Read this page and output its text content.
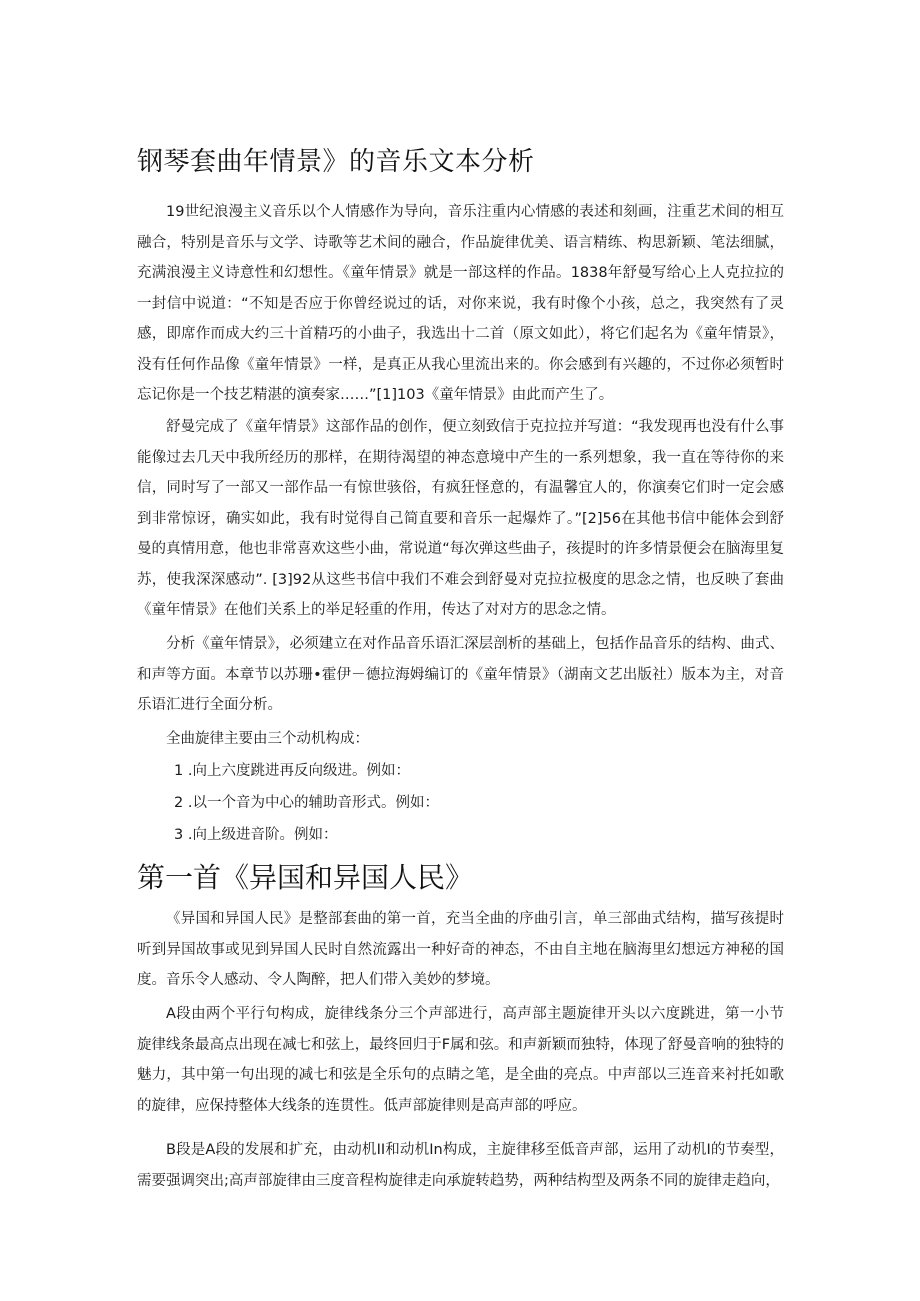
钢琴套曲年情景》的音乐文本分析

19世纪浪漫主义音乐以个人情感作为导向，音乐注重内心情感的表述和刻画，注重艺术间的相互融合，特别是音乐与文学、诗歌等艺术间的融合，作品旋律优美、语言精练、构思新颖、笔法细腻，充满浪漫主义诗意性和幻想性。《童年情景》就是一部这样的作品。1838年舒曼写给心上人克拉拉的一封信中说道：“不知是否应于你曾经说过的话，对你来说，我有时像个小孩，总之，我突然有了灵感，即席作而成大约三十首精巧的小曲子，我选出十二首（原文如此），将它们起名为《童年情景》，没有任何作品像《童年情景》一样，是真正从我心里流出来的。你会感到有兴趣的，不过你必须暂时忘记你是一个技艺精湛的演奏家……”[1]103《童年情景》由此而产生了。

舒曼完成了《童年情景》这部作品的创作，便立刻致信于克拉拉并写道：“我发现再也没有什么事能像过去几天中我所经历的那样，在期待渴望的神态意境中产生的一系列想象，我一直在等待你的来信，同时写了一部又一部作品一有惊世骇俗，有疯狂怪意的，有温馨宜人的，你演奏它们时一定会感到非常惊讶，确实如此，我有时觉得自己简直要和音乐一起爆炸了。”[2]56在其他书信中能体会到舒曼的真情用意，他也非常喜欢这些小曲，常说道“每次弹这些曲子，孩提时的许多情景便会在脑海里复苏，使我深深感动”. [3]92从这些书信中我们不难会到舒曼对克拉拉极度的思念之情，也反映了套曲《童年情景》在他们关系上的举足轻重的作用，传达了对对方的思念之情。

分析《童年情景》，必须建立在对作品音乐语汇深层剖析的基础上，包括作品音乐的结构、曲式、和声等方面。本章节以苏珊•霍伊－德拉海姆编订的《童年情景》（湖南文艺出版社）版本为主，对音乐语汇进行全面分析。

全曲旋律主要由三个动机构成：

1 .向上六度跳进再反向级进。例如：

2 .以一个音为中心的辅助音形式。例如：

3 .向上级进音阶。例如：

第一首《异国和异国人民》

《异国和异国人民》是整部套曲的第一首，充当全曲的序曲引言，单三部曲式结构，描写孩提时听到异国故事或见到异国人民时自然流露出一种好奇的神态，不由自主地在脑海里幻想远方神秘的国度。音乐令人感动、令人陶醉，把人们带入美妙的梦境。

A段由两个平行句构成，旋律线条分三个声部进行，高声部主题旋律开头以六度跳进，第一小节旋律线条最高点出现在减七和弦上，最终回归于F属和弦。和声新颖而独特，体现了舒曼音响的独特的魅力，其中第一句出现的减七和弦是全乐句的点睛之笔，是全曲的亮点。中声部以三连音来衬托如歌的旋律，应保持整体大线条的连贯性。低声部旋律则是高声部的呼应。

B段是A段的发展和扩充，由动机II和动机In构成，主旋律移至低音声部，运用了动机I的节奏型，需要强调突出;高声部旋律由三度音程构旋律走向承旋转趋势，两种结构型及两条不同的旋律走趋向，
